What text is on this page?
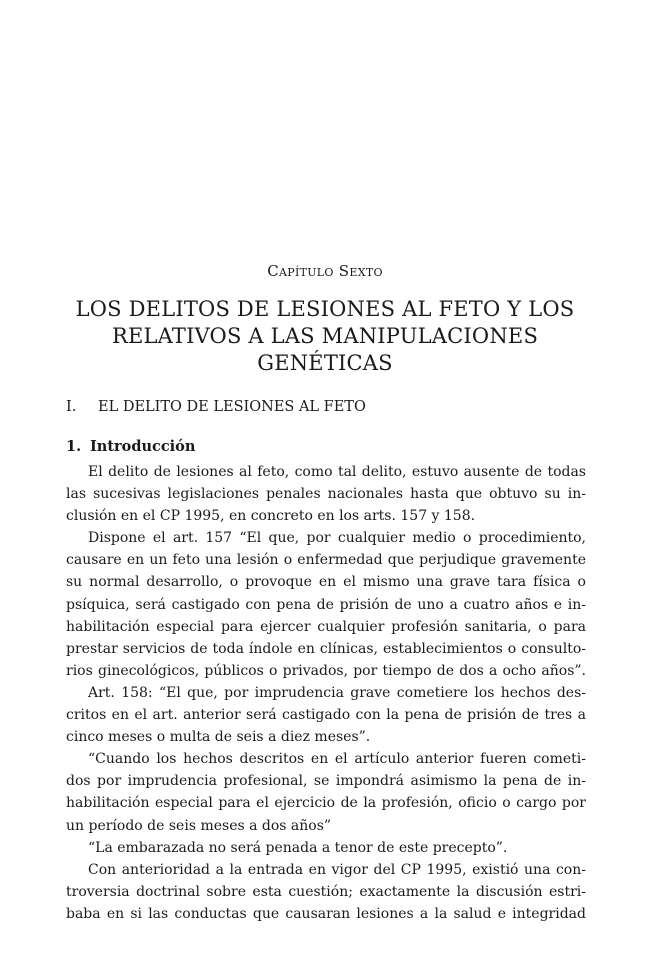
Capítulo Sexto
LOS DELITOS DE LESIONES AL FETO Y LOS
RELATIVOS A LAS MANIPULACIONES
GENÉTICAS
I. EL DELITO DE LESIONES AL FETO
1. Introducción
El delito de lesiones al feto, como tal delito, estuvo ausente de todas
las sucesivas legislaciones penales nacionales hasta que obtuvo su in-
clusión en el CP 1995, en concreto en los arts. 157 y 158.
Dispone el art. 157 “El que, por cualquier medio o procedimiento,
causare en un feto una lesión o enfermedad que perjudique gravemente
su normal desarrollo, o provoque en el mismo una grave tara física o
psíquica, será castigado con pena de prisión de uno a cuatro años e in-
habilitación especial para ejercer cualquier profesión sanitaria, o para
prestar servicios de toda índole en clínicas, establecimientos o consulto-
rios ginecológicos, públicos o privados, por tiempo de dos a ocho años”.
Art. 158: “El que, por imprudencia grave cometiere los hechos des-
critos en el art. anterior será castigado con la pena de prisión de tres a
cinco meses o multa de seis a diez meses”.
“Cuando los hechos descritos en el artículo anterior fueren cometi-
dos por imprudencia profesional, se impondrá asimismo la pena de in-
habilitación especial para el ejercicio de la profesión, oficio o cargo por
un período de seis meses a dos años”
“La embarazada no será penada a tenor de este precepto”.
Con anterioridad a la entrada en vigor del CP 1995, existió una con-
troversia doctrinal sobre esta cuestión; exactamente la discusión estri-
baba en si las conductas que causaran lesiones a la salud e integridad
